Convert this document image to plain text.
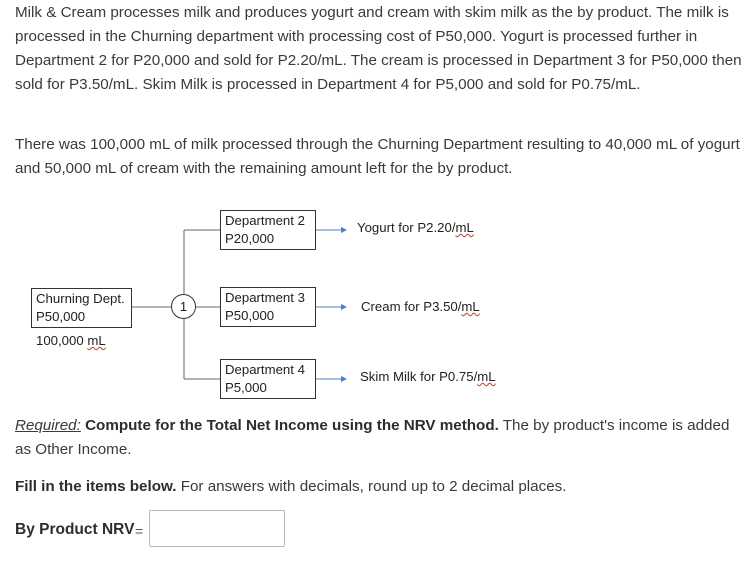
Milk & Cream processes milk and produces yogurt and cream with skim milk as the by product. The milk is processed in the Churning department with processing cost of P50,000. Yogurt is processed further in Department 2 for P20,000 and sold for P2.20/mL. The cream is processed in Department 3 for P50,000 then sold for P3.50/mL. Skim Milk is processed in Department 4 for P5,000 and sold for P0.75/mL.

There was 100,000 mL of milk processed through the Churning Department resulting to 40,000 mL of yogurt and 50,000 mL of cream with the remaining amount left for the by product.

Churning Dept.
P50,000
100,000 mL
1
Department 2
P20,000
Department 3
P50,000
Department 4
P5,000
Yogurt for P2.20/mL
Cream for P3.50/mL
Skim Milk for P0.75/mL

Required: Compute for the Total Net Income using the NRV method. The by product's income is added as Other Income.

Fill in the items below. For answers with decimals, round up to 2 decimal places.

By Product NRV =
